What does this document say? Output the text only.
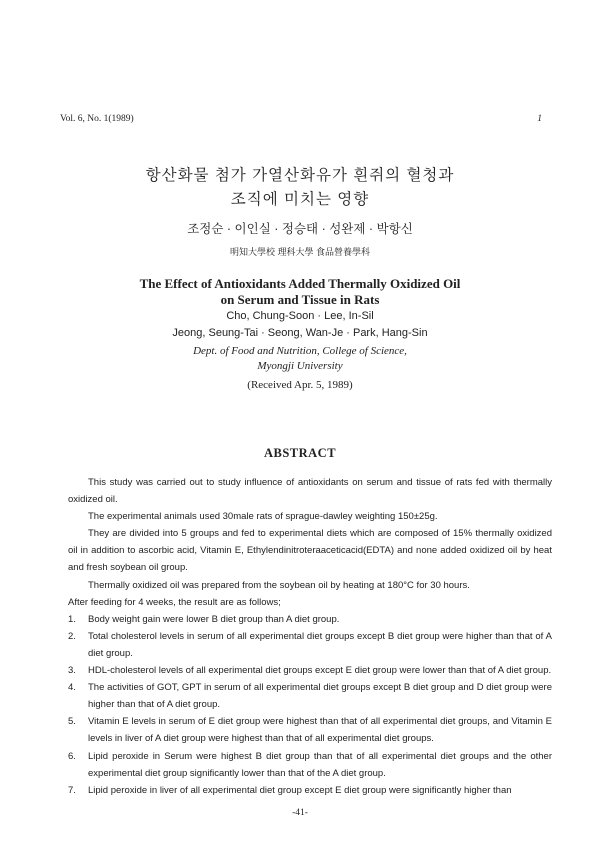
Vol. 6, No. 1(1989)	1
항산화물 첨가 가열산화유가 흰쥐의 혈청과
조직에 미치는 영향
조정순 · 이인실 · 정승태 · 성완제 · 박항신
明知大學校 理科大學 食品營養學科
The Effect of Antioxidants Added Thermally Oxidized Oil
on Serum and Tissue in Rats
Cho, Chung-Soon · Lee, In-Sil
Jeong, Seung-Tai · Seong, Wan-Je · Park, Hang-Sin
Dept. of Food and Nutrition, College of Science,
Myongji University
(Received Apr. 5, 1989)
ABSTRACT

This study was carried out to study influence of antioxidants on serum and tissue of rats fed with thermally oxidized oil.

The experimental animals used 30male rats of sprague-dawley weighting 150±25g.

They are divided into 5 groups and fed to experimental diets which are composed of 15% thermally oxidized oil in addition to ascorbic acid, Vitamin E, Ethylendinitroteraaceticacid(EDTA) and none added oxidized oil by heat and fresh soybean oil group.

Thermally oxidized oil was prepared from the soybean oil by heating at 180°C for 30 hours.

After feeding for 4 weeks, the result are as follows;

1. Body weight gain were lower B diet group than A diet group.
2. Total cholesterol levels in serum of all experimental diet groups except B diet group were higher than that of A diet group.
3. HDL-cholesterol levels of all experimental diet groups except E diet group were lower than that of A diet group.
4. The activities of GOT, GPT in serum of all experimental diet groups except B diet group and D diet group were higher than that of A diet group.
5. Vitamin E levels in serum of E diet group were highest than that of all experimental diet groups, and Vitamin E levels in liver of A diet group were highest than that of all experimental diet groups.
6. Lipid peroxide in Serum were highest B diet group than that of all experimental diet groups and the other experimental diet group significantly lower than that of the A diet group.
7. Lipid peroxide in liver of all experimental diet group except E diet group were significantly higher than
-41-
